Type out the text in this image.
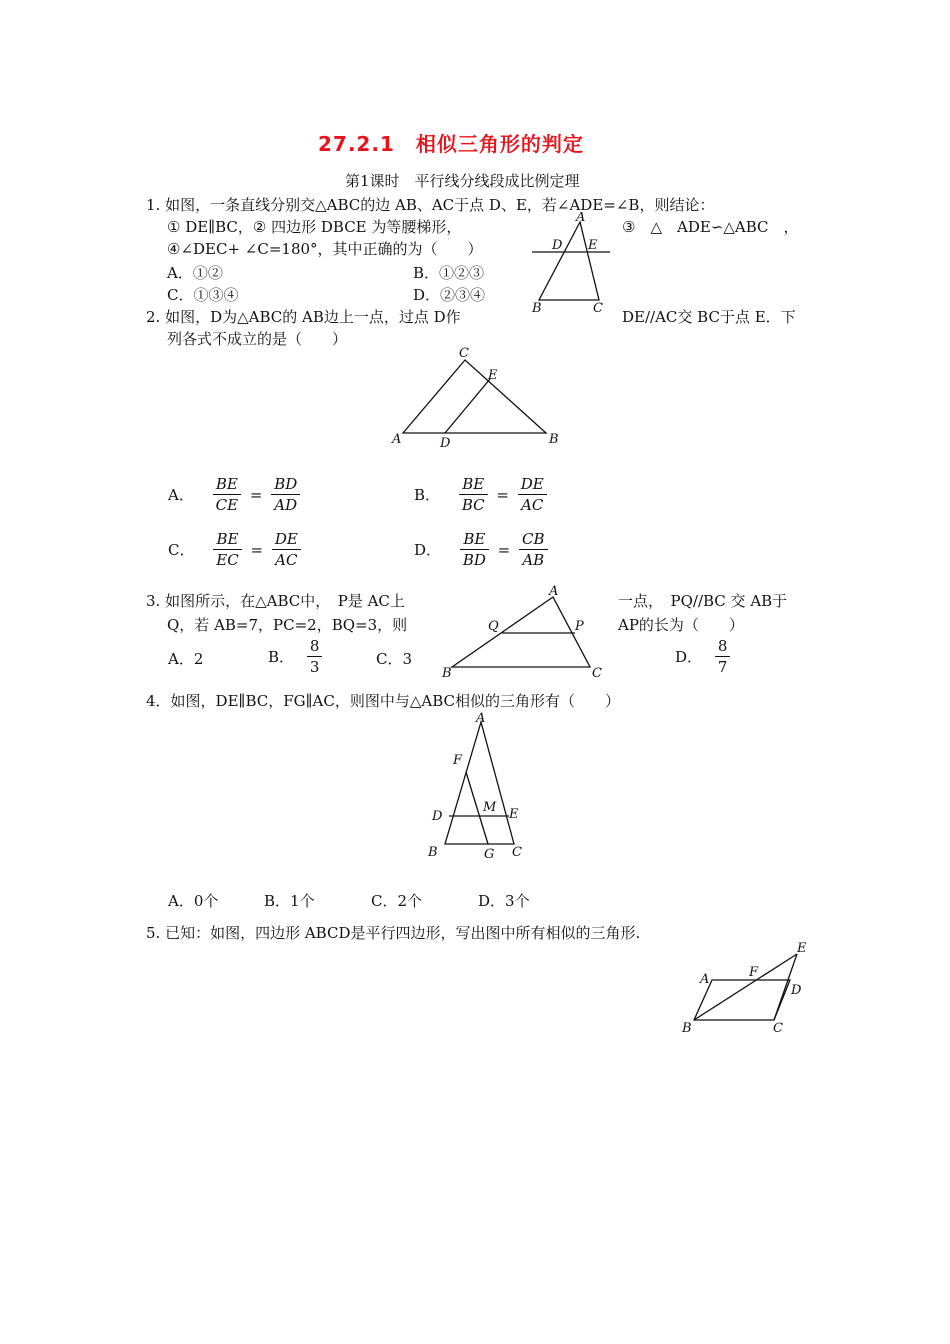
27.2.1　相似三角形的判定
第1课时　平行线分线段成比例定理
1. 如图，一条直线分别交△ABC的边 AB、AC于点 D、E，若∠ADE=∠B，则结论：
① DE∥BC，② 四边形 DBCE 为等腰梯形，	③　△　ADE∽△ABC　，
④∠DEC+ ∠C=180°，其中正确的为（　　）
A．①②	B．①②③
C．①③④	D．②③④
A
D E
B	C
2. 如图，D为△ABC的 AB边上一点，过点 D作	DE//AC交 BC于点 E．下
列各式不成立的是（　　）
C
E
A	D	B
A． $\frac{BE}{CE} = \frac{BD}{AD}$	B． $\frac{BE}{BC} = \frac{DE}{AC}$
C． $\frac{BE}{EC} = \frac{DE}{AC}$	D． $\frac{BE}{BD} = \frac{CB}{AB}$
3. 如图所示，在△ABC中，　P是 AC上	一点，　PQ//BC 交 AB于
Q，若 AB=7，PC=2，BQ=3，则	AP的长为（　　）
A
Q	P
B	C
A．2	B． $\frac{8}{3}$	C．3	D． $\frac{8}{7}$
4．如图，DE∥BC，FG∥AC，则图中与△ABC相似的三角形有（　　）
A
F
M
D	E
B	G C
A．0个	B．1个	C．2个	D．3个
5. 已知：如图，四边形 ABCD是平行四边形，写出图中所有相似的三角形.
E
A	F
D
B	C
